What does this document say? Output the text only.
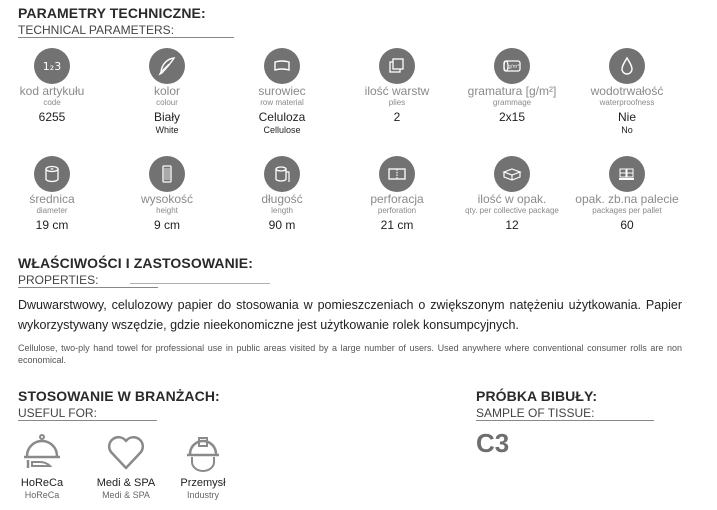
PARAMETRY TECHNICZNE:
TECHNICAL PARAMETERS:
1₂3
kod artykułu
code
6255
kolor
colour
Biały
White
surowiec
row material
Celuloza
Cellulose
ilość warstw
plies
2
g/m²
gramatura [g/m²]
grammage
2x15
wodotrwałość
waterproofness
Nie
No
średnica
diameter
19 cm
wysokość
height
9 cm
długość
length
90 m
perforacja
perforation
21 cm
ilość w opak.
qty. per collective package
12
opak. zb.na palecie
packages per pallet
60
WŁAŚCIWOŚCI I ZASTOSOWANIE:
PROPERTIES:
Dwuwarstwowy, celulozowy papier do stosowania w pomieszczeniach o zwiększonym natężeniu użytkowania. Papier wykorzystywany wszędzie, gdzie nieekonomiczne jest użytkowanie rolek konsumpcyjnych.
Cellulose, two-ply hand towel for professional use in public areas visited by a large number of users. Used anywhere where conventional consumer rolls are non economical.
STOSOWANIE W BRANŻACH:
USEFUL FOR:
HoReCa
HoReCa
Medi & SPA
Medi & SPA
Przemysł
Industry
PRÓBKA BIBUŁY:
SAMPLE OF TISSUE:
C3
